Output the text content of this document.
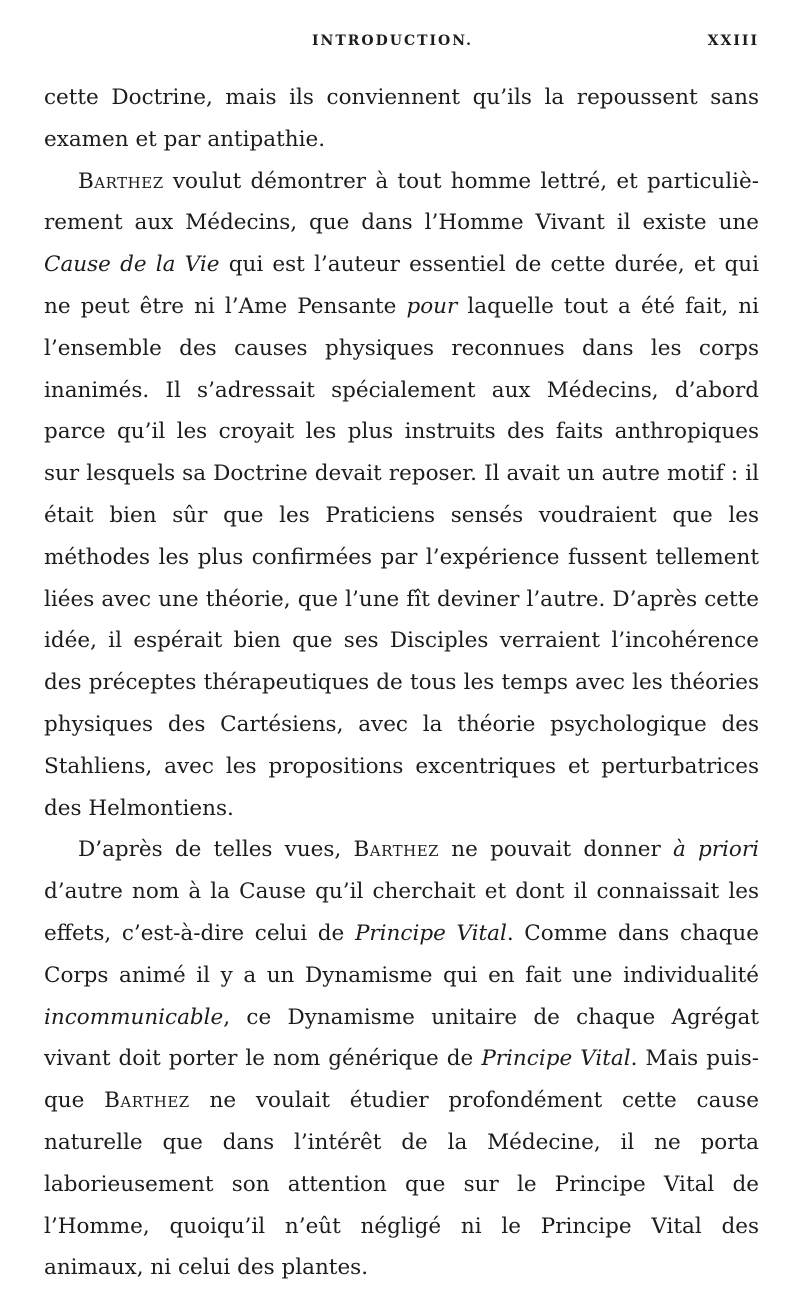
INTRODUCTION.	XXIII

cette Doctrine, mais ils conviennent qu’ils la repoussent sans examen et par antipathie.

Barthez voulut démontrer à tout homme lettré, et particulièrement aux Médecins, que dans l’Homme Vivant il existe une Cause de la Vie qui est l’auteur essentiel de cette durée, et qui ne peut être ni l’Ame Pensante pour laquelle tout a été fait, ni l’ensemble des causes physiques reconnues dans les corps inanimés. Il s’adressait spécialement aux Médecins, d’abord parce qu’il les croyait les plus instruits des faits anthropiques sur lesquels sa Doctrine devait reposer. Il avait un autre motif : il était bien sûr que les Praticiens sensés voudraient que les méthodes les plus confirmées par l’expérience fussent tellement liées avec une théorie, que l’une fît deviner l’autre. D’après cette idée, il espérait bien que ses Disciples verraient l’incohérence des préceptes thérapeutiques de tous les temps avec les théories physiques des Cartésiens, avec la théorie psychologique des Stahliens, avec les propositions excentriques et perturbatrices des Helmontiens.

D’après de telles vues, Barthez ne pouvait donner à priori d’autre nom à la Cause qu’il cherchait et dont il connaissait les effets, c’est-à-dire celui de Principe Vital. Comme dans chaque Corps animé il y a un Dynamisme qui en fait une individualité incommunicable, ce Dynamisme unitaire de chaque Agrégat vivant doit porter le nom générique de Principe Vital. Mais puisque Barthez ne voulait étudier profondément cette cause naturelle que dans l’intérêt de la Médecine, il ne porta laborieusement son attention que sur le Principe Vital de l’Homme, quoiqu’il n’eût négligé ni le Principe Vital des animaux, ni celui des plantes.
